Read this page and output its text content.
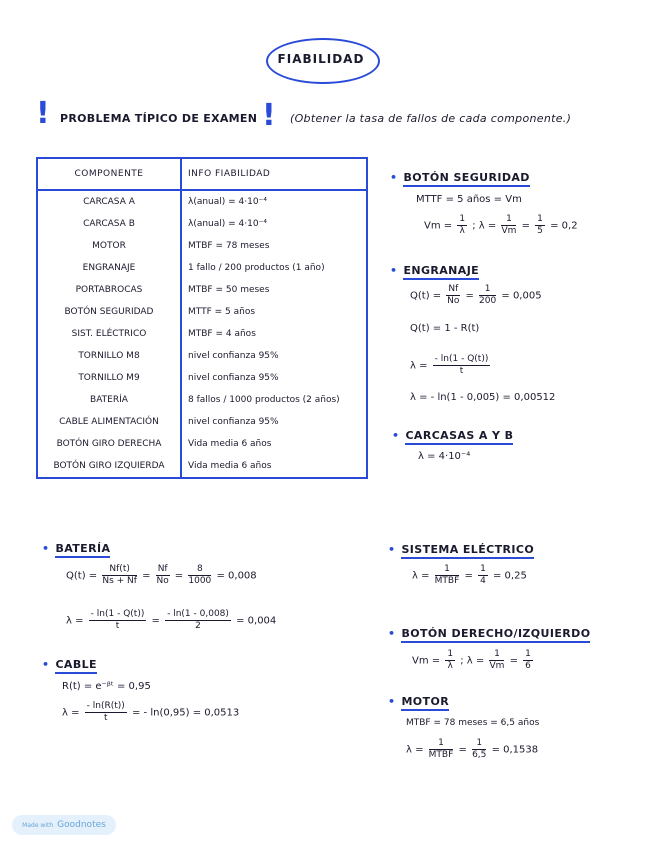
FIABILIDAD
! PROBLEMA TÍPICO DE EXAMEN ! (Obtener la tasa de fallos de cada componente.)
COMPONENTE	INFO FIABILIDAD
CARCASA A	λ(anual) = 4·10⁻⁴
CARCASA B	λ(anual) = 4·10⁻⁴
MOTOR	MTBF = 78 meses
ENGRANAJE	1 fallo / 200 productos (1 año)
PORTABROCAS	MTBF = 50 meses
BOTÓN SEGURIDAD	MTTF = 5 años
SIST. ELÉCTRICO	MTBF = 4 años
TORNILLO M8	nivel confianza 95%
TORNILLO M9	nivel confianza 95%
BATERÍA	8 fallos / 1000 productos (2 años)
CABLE ALIMENTACIÓN	nivel confianza 95%
BOTÓN GIRO DERECHA	Vida media 6 años
BOTÓN GIRO IZQUIERDA	Vida media 6 años
• BOTÓN SEGURIDAD
MTTF = 5 años = Vm
$Vm = \frac{1}{\lambda}$ ; $\lambda = \frac{1}{Vm} = \frac{1}{5} = 0,2$
• ENGRANAJE
$Q(t) = \frac{Nf}{No} = \frac{1}{200} = 0,005$
Q(t) = 1 - R(t)
$\lambda = \frac{- \ln(1 - Q(t))}{t}$
λ = - ln(1 - 0,005) = 0,00512
• CARCASAS A Y B
λ = 4·10⁻⁴
• BATERÍA
$Q(t) = \frac{Nf(t)}{Ns + Nf} = \frac{Nf}{No} = \frac{8}{1000} = 0,008$
$\lambda = \frac{- \ln(1 - Q(t))}{t} = \frac{- \ln(1 - 0,008)}{2} = 0,004$
• CABLE
R(t) = e⁻ᵝᵗ = 0,95
$\lambda = \frac{- \ln(R(t))}{t}$ = - ln(0,95) = 0,0513
• SISTEMA ELÉCTRICO
$\lambda = \frac{1}{\text{MTBF}} = \frac{1}{4} = 0,25$
• BOTÓN DERECHO/IZQUIERDO
$Vm = \frac{1}{\lambda}$ ; $\lambda = \frac{1}{Vm} = \frac{1}{6}$
• MOTOR
MTBF = 78 meses = 6,5 años
$\lambda = \frac{1}{\text{MTBF}} = \frac{1}{6,5} = 0,1538$
Made with Goodnotes
